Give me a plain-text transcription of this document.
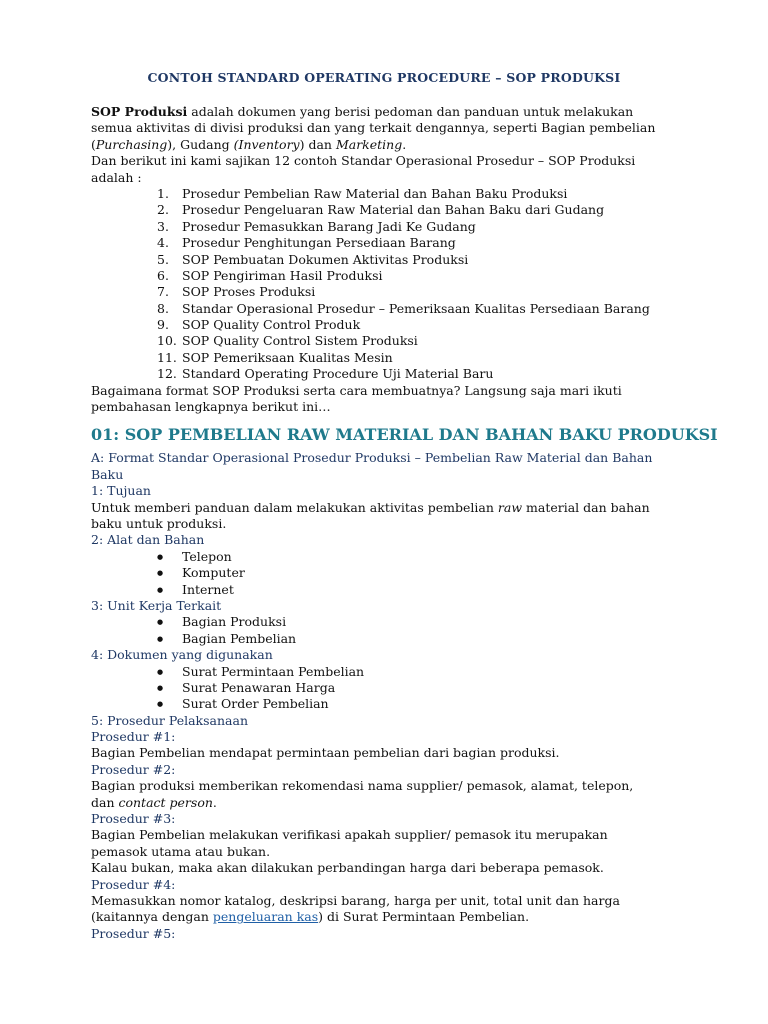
CONTOH STANDARD OPERATING PROCEDURE – SOP PRODUKSI
SOP Produksi adalah dokumen yang berisi pedoman dan panduan untuk melakukan
semua aktivitas di divisi produksi dan yang terkait dengannya, seperti Bagian pembelian
(Purchasing), Gudang (Inventory) dan Marketing.
Dan berikut ini kami sajikan 12 contoh Standar Operasional Prosedur – SOP Produksi
adalah :
1.	Prosedur Pembelian Raw Material dan Bahan Baku Produksi
2.	Prosedur Pengeluaran Raw Material dan Bahan Baku dari Gudang
3.	Prosedur Pemasukkan Barang Jadi Ke Gudang
4.	Prosedur Penghitungan Persediaan Barang
5.	SOP Pembuatan Dokumen Aktivitas Produksi
6.	SOP Pengiriman Hasil Produksi
7.	SOP Proses Produksi
8.	Standar Operasional Prosedur – Pemeriksaan Kualitas Persediaan Barang
9.	SOP Quality Control Produk
10. SOP Quality Control Sistem Produksi
11. SOP Pemeriksaan Kualitas Mesin
12. Standard Operating Procedure Uji Material Baru
Bagaimana format SOP Produksi serta cara membuatnya? Langsung saja mari ikuti
pembahasan lengkapnya berikut ini…
01: SOP PEMBELIAN RAW MATERIAL DAN BAHAN BAKU PRODUKSI
A: Format Standar Operasional Prosedur Produksi – Pembelian Raw Material dan Bahan
Baku
1: Tujuan
Untuk memberi panduan dalam melakukan aktivitas pembelian raw material dan bahan
baku untuk produksi.
2: Alat dan Bahan
● Telepon
● Komputer
● Internet
3: Unit Kerja Terkait
● Bagian Produksi
● Bagian Pembelian
4: Dokumen yang digunakan
● Surat Permintaan Pembelian
● Surat Penawaran Harga
● Surat Order Pembelian
5: Prosedur Pelaksanaan
Prosedur #1:
Bagian Pembelian mendapat permintaan pembelian dari bagian produksi.
Prosedur #2:
Bagian produksi memberikan rekomendasi nama supplier/ pemasok, alamat, telepon,
dan contact person.
Prosedur #3:
Bagian Pembelian melakukan verifikasi apakah supplier/ pemasok itu merupakan
pemasok utama atau bukan.
Kalau bukan, maka akan dilakukan perbandingan harga dari beberapa pemasok.
Prosedur #4:
Memasukkan nomor katalog, deskripsi barang, harga per unit, total unit dan harga
(kaitannya dengan pengeluaran kas) di Surat Permintaan Pembelian.
Prosedur #5:
